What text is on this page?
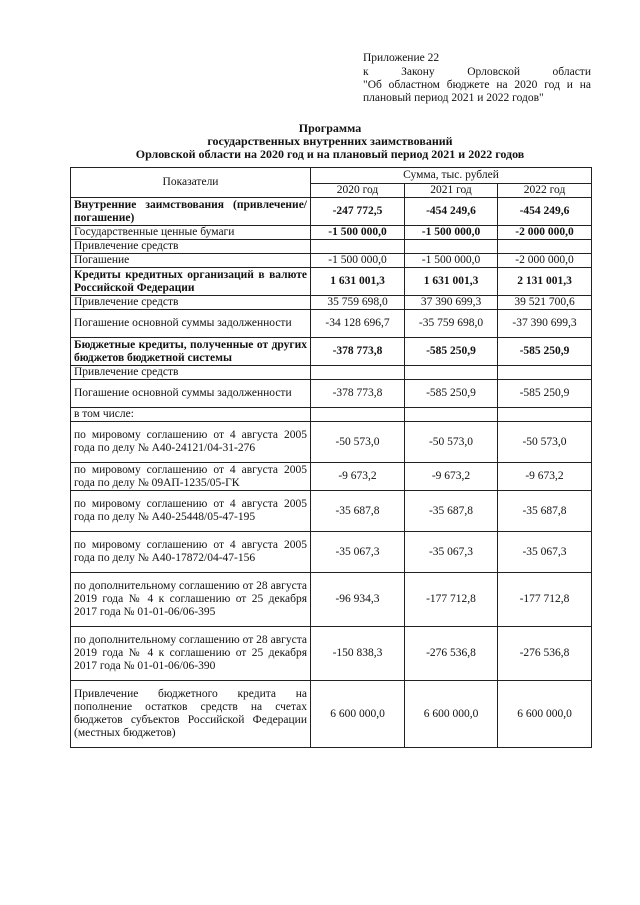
Приложение 22
к	Закону	Орловской	области
"Об областном бюджете на 2020 год и на
плановый период 2021 и 2022 годов"
Программа
государственных внутренних заимствований
Орловской области на 2020 год и на плановый период 2021 и 2022 годов
Показатели	Сумма, тыс. рублей		
	2020 год	2021 год	2022 год
Внутренние заимствования (привлечение/погашение)	-247 772,5	-454 249,6	-454 249,6
Государственные ценные бумаги	-1 500 000,0	-1 500 000,0	-2 000 000,0
Привлечение средств			
Погашение	-1 500 000,0	-1 500 000,0	-2 000 000,0
Кредиты кредитных организаций в валюте Российской Федерации	1 631 001,3	1 631 001,3	2 131 001,3
Привлечение средств	35 759 698,0	37 390 699,3	39 521 700,6
Погашение основной суммы задолженности	-34 128 696,7	-35 759 698,0	-37 390 699,3
Бюджетные кредиты, полученные от других бюджетов бюджетной системы	-378 773,8	-585 250,9	-585 250,9
Привлечение средств			
Погашение основной суммы задолженности	-378 773,8	-585 250,9	-585 250,9
в том числе:			
по мировому соглашению от 4 августа 2005 года по делу № А40-24121/04-31-276	-50 573,0	-50 573,0	-50 573,0
по мировому соглашению от 4 августа 2005 года по делу № 09АП-1235/05-ГК	-9 673,2	-9 673,2	-9 673,2
по мировому соглашению от 4 августа 2005 года по делу № А40-25448/05-47-195	-35 687,8	-35 687,8	-35 687,8
по мировому соглашению от 4 августа 2005 года по делу № А40-17872/04-47-156	-35 067,3	-35 067,3	-35 067,3
по дополнительному соглашению от 28 августа 2019 года № 4 к соглашению от 25 декабря 2017 года № 01-01-06/06-395	-96 934,3	-177 712,8	-177 712,8
по дополнительному соглашению от 28 августа 2019 года № 4 к соглашению от 25 декабря 2017 года № 01-01-06/06-390	-150 838,3	-276 536,8	-276 536,8
Привлечение бюджетного кредита на пополнение остатков средств на счетах бюджетов субъектов Российской Федерации (местных бюджетов)	6 600 000,0	6 600 000,0	6 600 000,0
